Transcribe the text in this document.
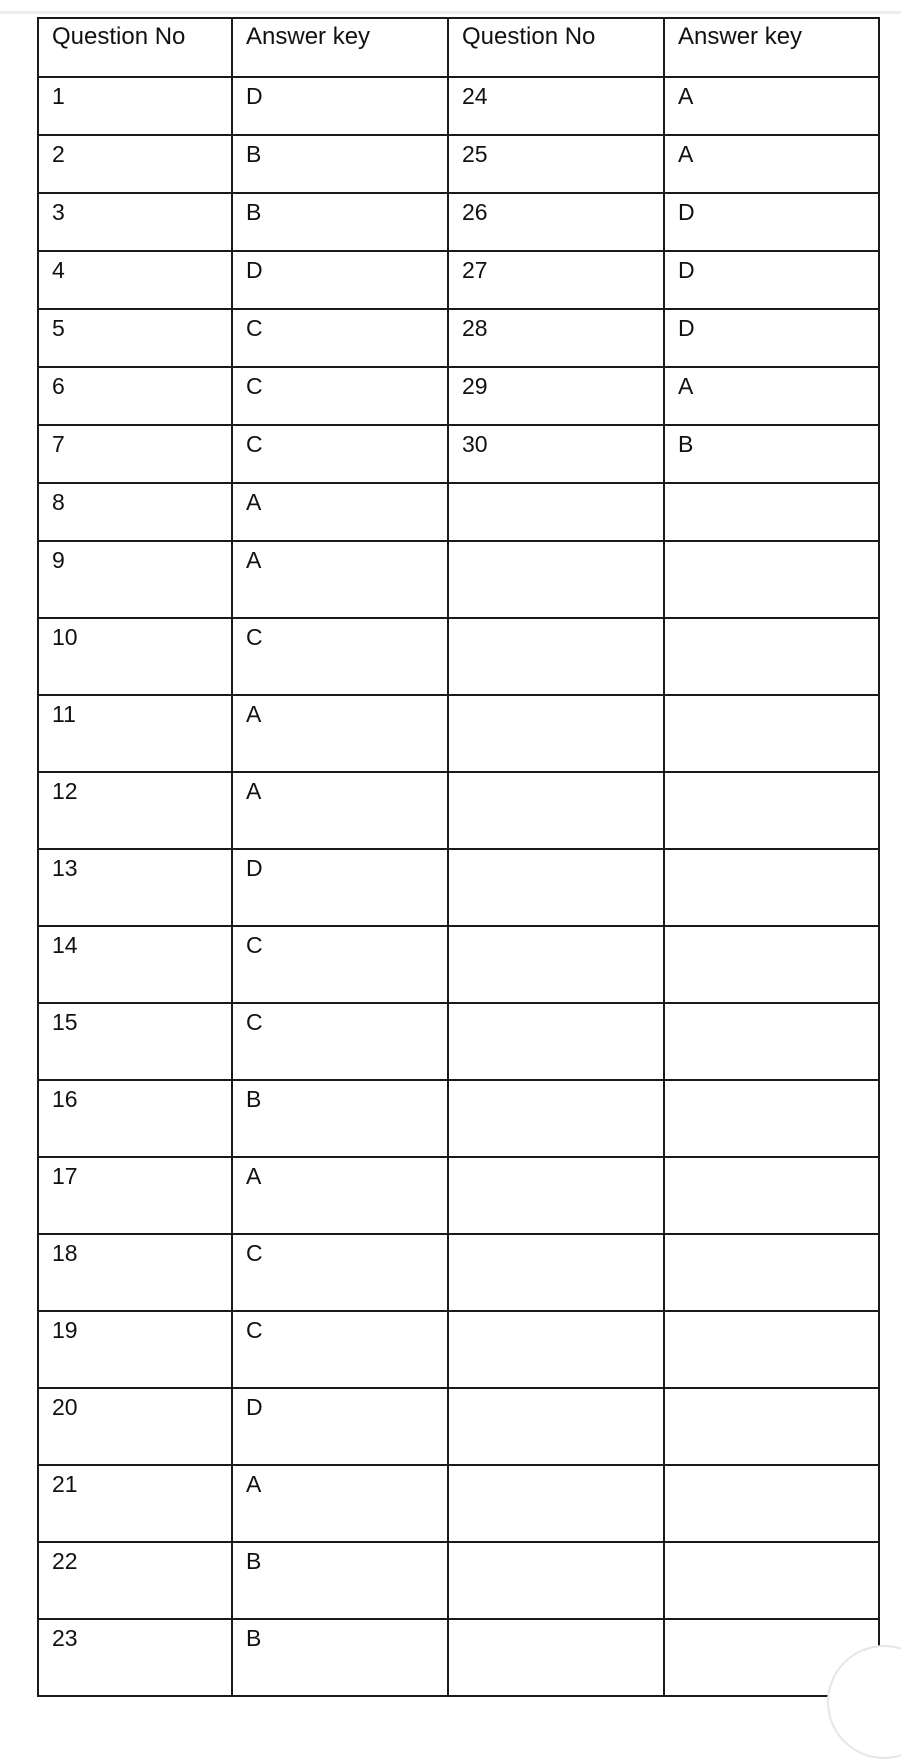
Question No	Answer key	Question No	Answer key
1	D	24	A
2	B	25	A
3	B	26	D
4	D	27	D
5	C	28	D
6	C	29	A
7	C	30	B
8	A		
9	A		
10	C		
11	A		
12	A		
13	D		
14	C		
15	C		
16	B		
17	A		
18	C		
19	C		
20	D		
21	A		
22	B		
23	B		
